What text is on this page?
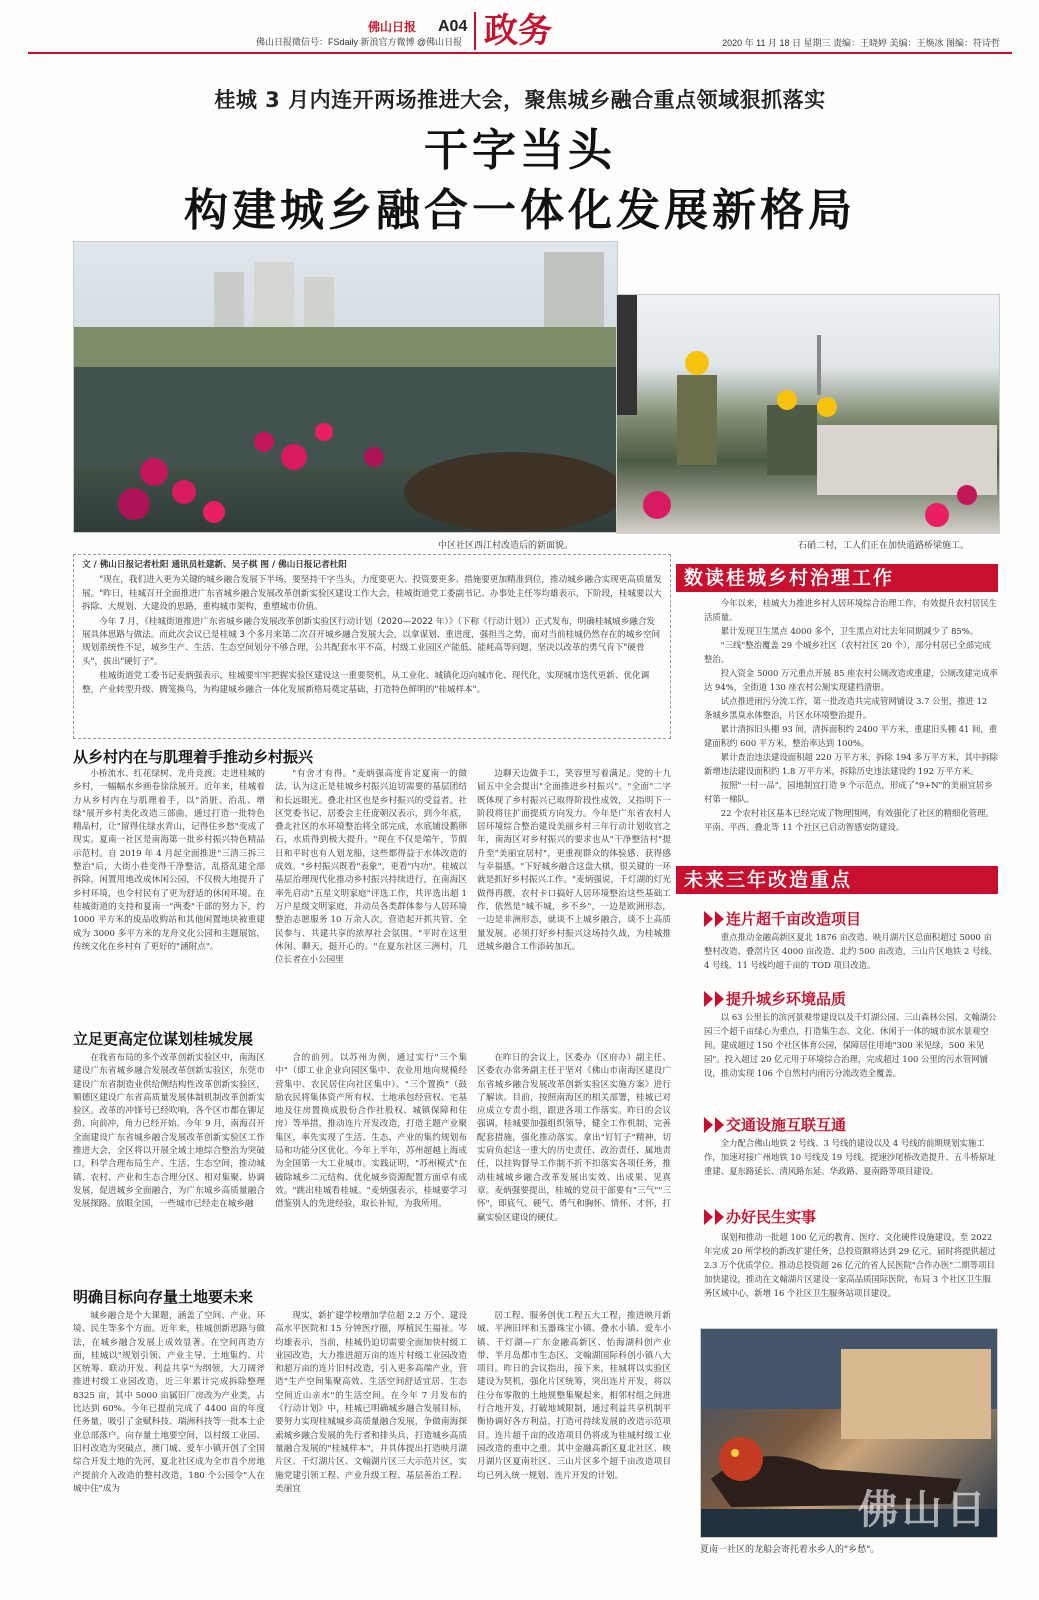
佛山日报微信号：FSdaily 新浪官方微博 @佛山日报
佛山日报 A04 政务	2020 年 11 月 18 日 星期三 责编：王晓婷 美编：王焕冰 图编：符诗哲
桂城 3 月内连开两场推进大会，聚焦城乡融合重点领域狠抓落实
干字当头
构建城乡融合一体化发展新格局
中区社区西江村改造后的新面貌。	石硝二村，工人们正在加快道路桥梁施工。
文 / 佛山日报记者杜阳 通讯员杜建新、吴子棋 图 / 佛山日报记者杜阳

"现在，我们进入更为关键的城乡融合发展下半场，要坚持干字当头，力度要更大、投资要更多、措施要更加精准到位，推动城乡融合实现更高质量发展。"昨日，桂城召开全面推进广东省城乡融合发展改革创新实验区建设工作大会，桂城街道党工委副书记、办事处主任岑均雄表示，下阶段，桂城要以大拆除、大规划、大建设的思路，重构城市架构，重塑城市价值。

今年 7 月，《桂城街道推进广东省城乡融合发展改革创新实验区行动计划（2020—2022 年）》（下称《行动计划》）正式发布，明确桂城城乡融合发展具体思路与做法。而此次会议已是桂城 3 个多月来第二次召开城乡融合发展大会，以拿谋划、重进度，强担当之势，面对当前桂城仍然存在的城乡空间规划系统性不足，城乡生产、生活、生态空间划分不够合理，公共配套水平不高，村级工业园区产能低、能耗高等问题，坚决以改革的勇气肯下"硬骨头"，拔出"硬钉子"。

桂城街道党工委书记麦炳强表示，桂城要牢牢把握实验区建设这一重要契机，从工业化、城镇化迈向城市化、现代化，实现城市迭代更新、优化调整，产业转型升级、腾笼换鸟，为构建城乡融合一体化发展新格局奠定基础，打造特色鲜明的"桂城样本"。

从乡村内在与肌理着手推动乡村振兴

小桥流水、红花绿树、龙舟竞渡。走进桂城的乡村，一幅幅水乡画卷徐徐展开。近年来，桂城着力从乡村内在与肌理着手，以"消脏、治乱、增绿"展开乡村美化改造三部曲，通过打造一批特色精品村，让"留得住绿水青山，记得住乡愁"变成了现实。夏南一社区是南海第一批乡村振兴特色精品示范村。自 2019 年 4 月起全面推进"三清三拆三整治"后，大街小巷变得干净整洁，乱搭乱建全部拆除，闲置用地改成休闲公园，不仅极大地提升了乡村环境，也令村民有了更为舒适的休闲环境。在桂城街道的支持和夏南一"两委"干部的努力下，约 1000 平方米的废品收购站和其他闲置地块被重建成为 3000 多平方米的龙舟文化公园和主题展馆，传统文化在乡村有了更好的"涵附点"。

"有舍才有得。"麦炳强高度肯定夏南一的做法，认为这正是桂城乡村振兴迫切需要的基层团结和长远眼光。叠北社区也是乡村振兴的受益者。社区党委书记、居委会主任庞朝汉表示，到今年底，叠北社区的水环境整治将全部完成，水底铺设鹅卵石，水质得到极大提升。"现在不仅是端午，节假日和平时也有人划龙船，这些都得益于水体改造的成效。"乡村振兴既看"表象"，更看"内功"。桂城以基层治理现代化推动乡村振兴持续进行，在南海区率先启动"五星文明家庭"评选工作，共评选出超 1 万户星级文明家庭，并动员各类群体参与人居环境整治志愿服务 10 万余人次，营造起开抓共管、全民参与、共建共享的浓厚社会氛围。"平时在这里休闲、聊天，挺开心的。"在夏东社区三洲村，几位长者在小公园里

边聊天边做手工，笑容里写着满足。党的十九届五中全会提出"全面推进乡村振兴"。"全面"二字既体现了乡村振兴已取得阶段性成效，又指明下一阶段将往扩面提质方向发力。今年是广东省农村人居环境综合整治建设美丽乡村三年行动计划收官之年，南海区对乡村振兴的要求也从"干净整洁村"提升至"美丽宜居村"，更重视群众的体验感、获得感与幸福感。"下好城乡融合这盘大棋，很关键的一环就是抓好乡村振兴工作。"麦炳强说，千灯湖的灯光做得再靓，农村卡口搞好人居环境整治这些基础工作，依然是"城不城，乡不乡"，一边是欧洲形态，一边是非洲形态，就谈不上城乡融合，谈不上高质量发展。必须打好乡村振兴这场持久战，为桂城推进城乡融合工作添砖加瓦。

立足更高定位谋划桂城发展

在我省布局的多个改革创新实验区中，南海区建设广东省城乡融合发展改革创新实验区，东莞市建设广东省制造业供给侧结构性改革创新实验区，顺德区建设广东省高质量发展体制机制改革创新实验区。改革的冲锋号已经吹响，各个区市都在铆足劲、向前冲，角力已经开始。今年 9 月，南海召开全面建设广东省城乡融合发展改革创新实验区工作推进大会，全区将以开展全域土地综合整治为突破口，科学合理布局生产、生活、生态空间，推动城镇、农村、产业和生态合理分区、相对集聚、协调发展，促进城乡全面融合，为广东城乡高质量融合发展探路。放眼全国，一些城市已经走在城乡融

合的前列。以苏州为例，通过实行"三个集中"（即工业企业向园区集中、农业用地向规模经营集中、农民居住向社区集中）、"三个置换"（鼓励农民将集体资产所有权、土地承包经营权、宅基地及住房置换成股份合作社股权、城镇保障和住房）等举措，推动连片开发改造，打造主题产业聚集区，率先实现了生活、生态、产业的集约规划布局和功能分区优化。今年上半年，苏州超越上海成为全国第一大工业城市。实践证明，"苏州模式"在破除城乡二元结构、优化城乡资源配置方面卓有成效。"跳出桂城看桂城。"麦炳强表示，桂城要学习借鉴别人的先进经验，取长补短，为我所用。

在昨日的会议上，区委办（区府办）副主任、区委农办常务副主任于坚对《佛山市南海区建设广东省城乡融合发展改革创新实验区实施方案》进行了解读。目前，按照南海区的相关部署，桂城已对应成立专责小组，跟进各项工作落实。昨日的会议强调，桂城要加强组织领导，健全工作机制，完善配套措施，强化推动落实。拿出"钉钉子"精神，切实肩负起这一重大的历史责任、政治责任、属地责任，以挂钩督导工作制不折不扣落实各项任务，推动桂城城乡融合改革发展出实效、出成果、见真章。麦炳强要提出，桂城的党员干部要有"三气""三怀"，即底气、硬气、勇气和胸怀、情怀、才怀，打赢实验区建设的硬仗。

明确目标向存量土地要未来

城乡融合是个大课题，涵盖了空间、产业、环境、民生等多个方面。近年来，桂城创新思路与做法，在城乡融合发展上成效显著。在空间再造方面，桂城以"规划引领、产业主导、土地集约、片区统筹、联动开发、利益共享"为纲领，大刀阔斧推进村级工业园改造，近三年累计完成拆除整理 8325 亩，其中 5000 亩属旧厂房改为产业类，占比达到 60%。今年已提前完成了 4400 亩的年度任务量，吸引了金赋科技、瑞洲科技等一批本土企业总部落户。向存量土地要空间，以村级工业园、旧村改造为突破点，澳门城、爱车小镇开创了全国综合开发土地的先河，夏北社区成为全市首个房地产提前介入改造的整村改造，180 个公园令"人在城中住"成为

现实，新扩建学校增加学位超 2.2 万个、建设高水平医院和 15 分钟医疗圈，厚植民生福祉。岑均雄表示，当前，桂城仍迫切需要全面加快村级工业园改造，大力推进超万亩的连片村级工业园改造和超万亩的连片旧村改造，引入更多高端产业，营造"生产空间集聚高效、生活空间舒适宜居、生态空间近山亲水"的生活空间。在今年 7 月发布的《行动计划》中，桂城已明确城乡融合发展目标，要努力实现桂城城乡高质量融合发展，争做南海探索城乡融合发展的先行者和排头兵，打造城乡高质量融合发展的"桂城样本"，并具体提出打造映月湖片区、千灯湖片区、文翰湖片区三大示范片区，实施党建引领工程、产业升级工程、基层善治工程、美丽宜

居工程、服务创优工程五大工程，推进映月新城、平洲旧坪和玉器珠宝小镇、叠水小镇、爱车小镇、千灯湖—广东金融高新区、怡海湖科创产业带、半月岛都市生态区、文翰湖国际科创小镇八大项目。昨日的会议指出，接下来，桂城将以实验区建设为契机，强化片区统筹，突出连片开发，将以往分布零散的土地规整集聚起来，相邻村组之间进行合地开发，打破地域限制，通过利益共享机制平衡协调好各方利益，打造可持续发展的改造示范项目。连片超千亩的改造项目仍将成为桂城村级工业园改造的重中之重。其中金融高新区夏北社区、映月湖片区夏南社区、三山片区多个超千亩改造项目均已列入统一规划、连片开发的计划。

数读桂城乡村治理工作

今年以来，桂城大力推进乡村人居环境综合治理工作，有效提升农村居民生活质量。

累计发现卫生黑点 4000 多个，卫生黑点对比去年同期减少了 85%。

"三线"整治覆盖 29 个城乡社区（农村社区 20 个），部分村居已全部完成整治。

投入资金 5000 万元重点开展 85 座农村公厕改造或重建，公厕改建完成率达 94%，全街道 130 座农村公厕实现建档清册。

试点推进雨污分流工作，第一批改造共完成管网铺设 3.7 公里，推进 12 条城乡黑臭水体整治，片区水环境整治提升。

累计清拆旧头棚 93 间，清拆面积约 2400 平方米，重建旧头棚 41 间，重建面积约 600 平方米，整治率达到 100%。

累计查治违法建设面积超 220 万平方米，拆除 194 多万平方米，其中拆除新增违法建设面积约 1.8 万平方米，拆除历史违法建设约 192 万平方米。

按照"一村一品"，园地制宜打造 9 个示范点，形成了"9+N"的美丽宜居乡村第一梯队。

22 个农村社区基本已经完成了物理围网，有效强化了社区的精细化管理。平南、平西、叠北等 11 个社区已启动智感安防建设。

未来三年改造重点
连片超千亩改造项目

重点推动金融高新区夏北 1876 亩改造、映月湖片区总面积超过 5000 亩整村改造、叠滘片区 4000 亩改造、北约 500 亩改造，三山片区地铁 2 号线、4 号线、11 号线均超千亩的 TOD 项目改造。

提升城乡环境品质

以 63 公里长的滨河景观带建设以及千灯湖公园、三山森林公园、文翰湖公园三个超千亩绿心为重点，打造集生态、文化、休闲于一体的城市滨水景观空间。建成超过 150 个社区体育公园，保障居住用地"300 米见绿，500 米见园"。投入超过 20 亿元用于环境综合治理，完成超过 100 公里的污水管网铺设，推动实现 106 个自然村内雨污分流改造全覆盖。

交通设施互联互通

全力配合佛山地铁 2 号线、3 号线的建设以及 4 号线的前期规划实施工作，加速对接广州地铁 10 号线及 19 号线。提速沙尾桥改造提升、五斗桥原址重建、夏东路延长、清风路东延、华政路、夏南路等项目建设。

办好民生实事

谋划和推动一批超 100 亿元的教育、医疗、文化硬件设施建设。至 2022 年完成 20 所学校的新改扩建任务，总投资额将达到 29 亿元，届时将提供超过 2.3 万个优质学位。推动总投资超 26 亿元的省人民医院"合作办医"二期等项目加快建设，推动在文翰湖片区建设一家高品质国际医院，布局 3 个社区卫生服务区域中心，新增 16 个社区卫生服务站项目建设。

佛山日報
夏南一社区的龙船会寄托着水乡人的"乡愁"。
